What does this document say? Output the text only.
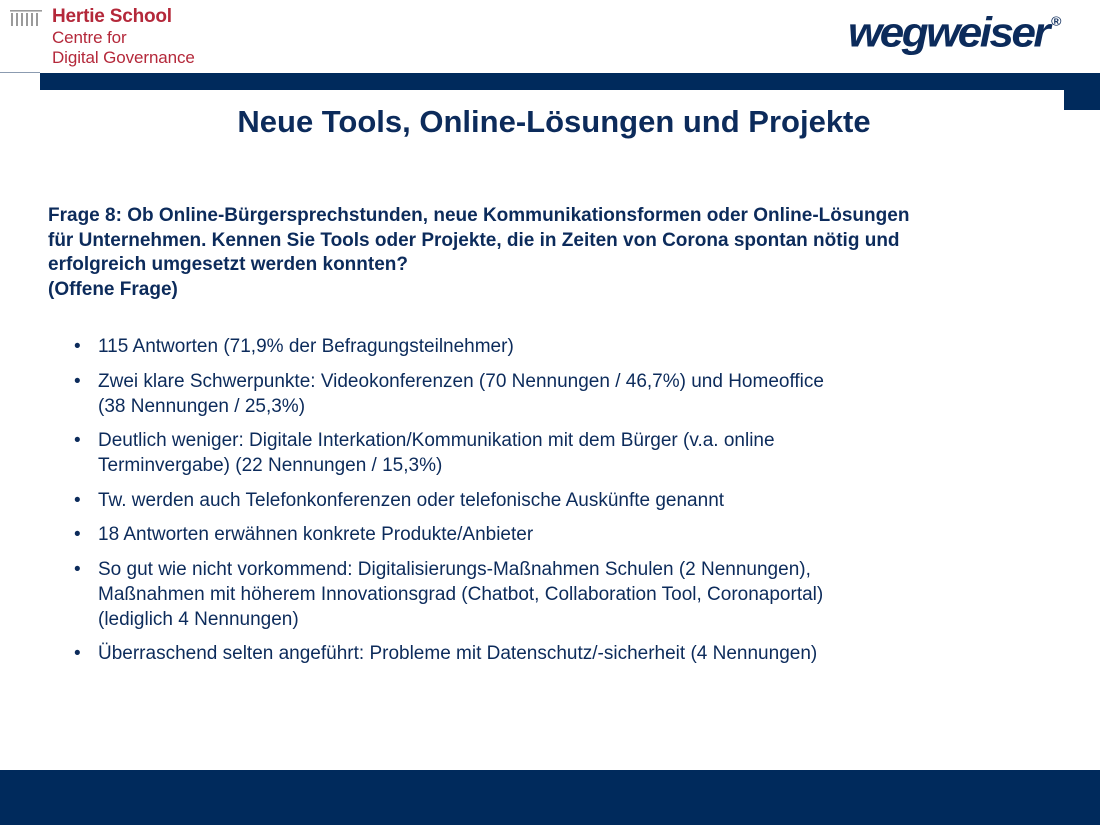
Hertie School
Centre for
Digital Governance
wegweiser ®
Neue Tools, Online-Lösungen und Projekte
Frage 8: Ob Online-Bürgersprechstunden, neue Kommunikationsformen oder Online-Lösungen
für Unternehmen. Kennen Sie Tools oder Projekte, die in Zeiten von Corona spontan nötig und
erfolgreich umgesetzt werden konnten?
(Offene Frage)
• 115 Antworten (71,9% der Befragungsteilnehmer)
• Zwei klare Schwerpunkte: Videokonferenzen (70 Nennungen / 46,7%) und Homeoffice
(38 Nennungen / 25,3%)
• Deutlich weniger: Digitale Interkation/Kommunikation mit dem Bürger (v.a. online
Terminvergabe) (22 Nennungen / 15,3%)
• Tw. werden auch Telefonkonferenzen oder telefonische Auskünfte genannt
• 18 Antworten erwähnen konkrete Produkte/Anbieter
• So gut wie nicht vorkommend: Digitalisierungs-Maßnahmen Schulen (2 Nennungen),
Maßnahmen mit höherem Innovationsgrad (Chatbot, Collaboration Tool, Coronaportal)
(lediglich 4 Nennungen)
• Überraschend selten angeführt: Probleme mit Datenschutz/-sicherheit (4 Nennungen)
